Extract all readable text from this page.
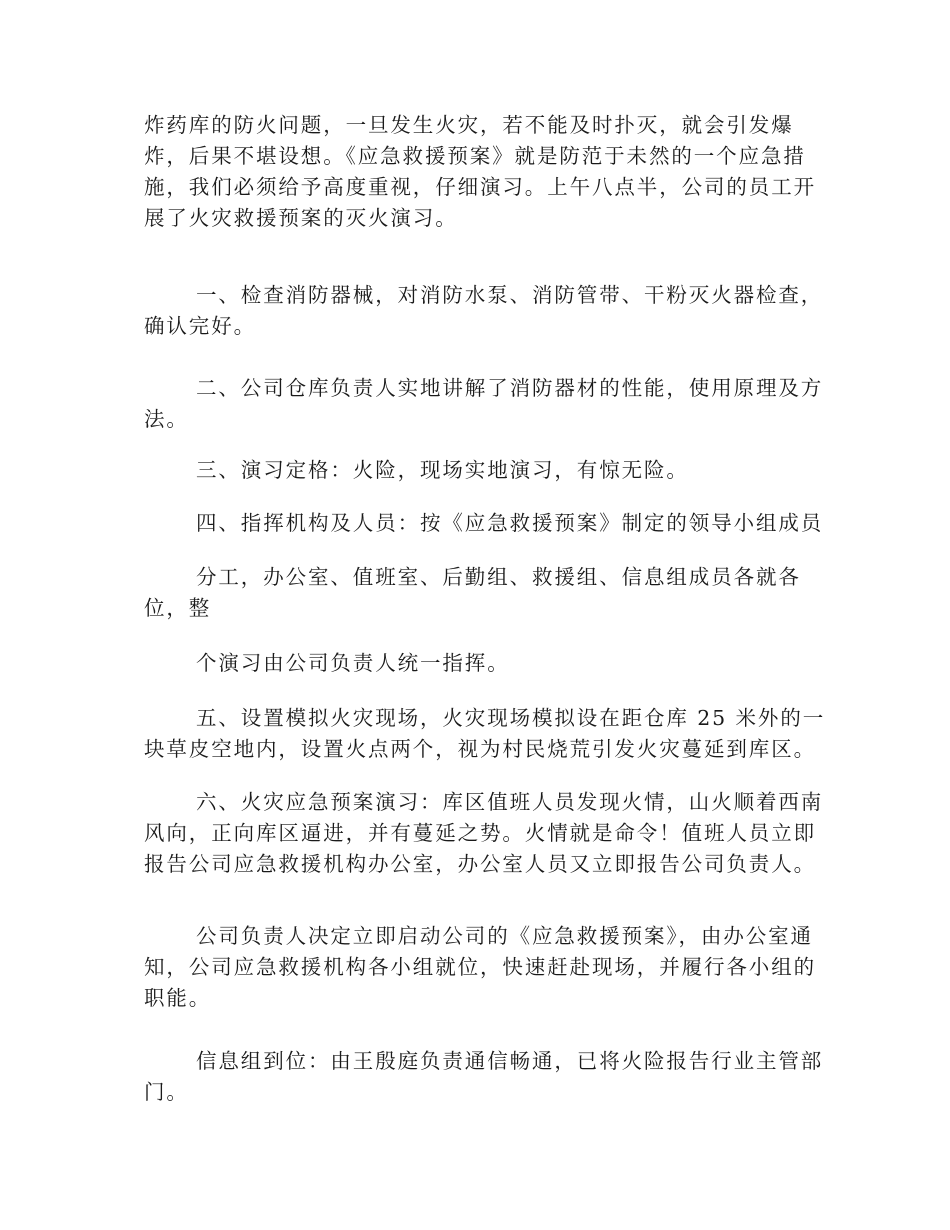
炸药库的防火问题，一旦发生火灾，若不能及时扑灭，就会引发爆
炸，后果不堪设想。《应急救援预案》就是防范于未然的一个应急措
施，我们必须给予高度重视，仔细演习。上午八点半，公司的员工开
展了火灾救援预案的灭火演习。

一、检查消防器械，对消防水泵、消防管带、干粉灭火器检查，
确认完好。

二、公司仓库负责人实地讲解了消防器材的性能，使用原理及方
法。

三、演习定格：火险，现场实地演习，有惊无险。

四、指挥机构及人员：按《应急救援预案》制定的领导小组成员

分工，办公室、值班室、后勤组、救援组、信息组成员各就各
位，整

个演习由公司负责人统一指挥。

五、设置模拟火灾现场，火灾现场模拟设在距仓库 25 米外的一
块草皮空地内，设置火点两个，视为村民烧荒引发火灾蔓延到库区。

六、火灾应急预案演习：库区值班人员发现火情，山火顺着西南
风向，正向库区逼进，并有蔓延之势。火情就是命令！值班人员立即
报告公司应急救援机构办公室，办公室人员又立即报告公司负责人。

公司负责人决定立即启动公司的《应急救援预案》，由办公室通
知，公司应急救援机构各小组就位，快速赶赴现场，并履行各小组的
职能。

信息组到位：由王殷庭负责通信畅通，已将火险报告行业主管部
门。
